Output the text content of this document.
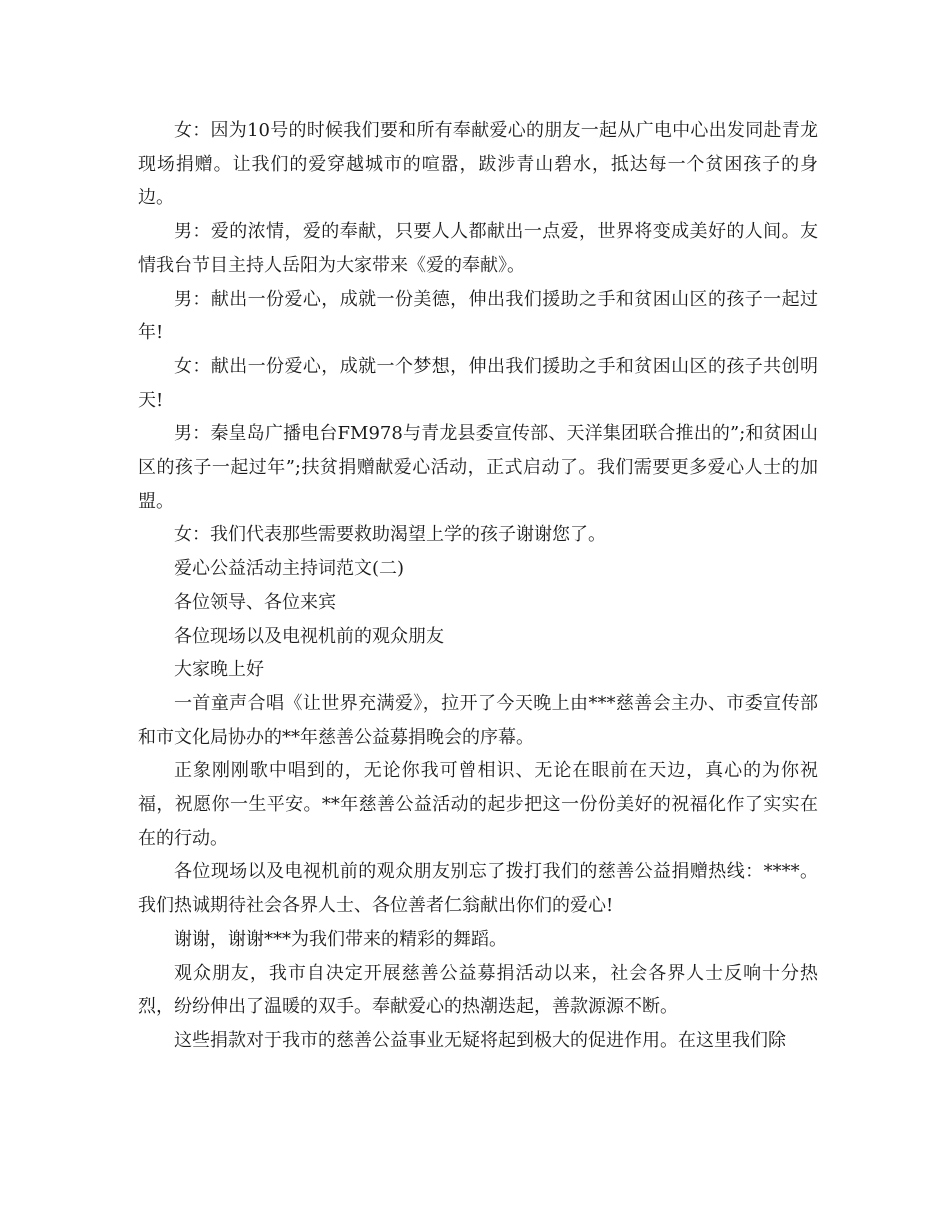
女：因为10号的时候我们要和所有奉献爱心的朋友一起从广电中心出发同赴青龙现场捐赠。让我们的爱穿越城市的喧嚣，跋涉青山碧水，抵达每一个贫困孩子的身边。

男：爱的浓情，爱的奉献，只要人人都献出一点爱，世界将变成美好的人间。友情我台节目主持人岳阳为大家带来《爱的奉献》。

男：献出一份爱心，成就一份美德，伸出我们援助之手和贫困山区的孩子一起过年!

女：献出一份爱心，成就一个梦想，伸出我们援助之手和贫困山区的孩子共创明天!

男：秦皇岛广播电台FM978与青龙县委宣传部、天洋集团联合推出的”;和贫困山区的孩子一起过年”;扶贫捐赠献爱心活动，正式启动了。我们需要更多爱心人士的加盟。

女：我们代表那些需要救助渴望上学的孩子谢谢您了。

爱心公益活动主持词范文(二)

各位领导、各位来宾

各位现场以及电视机前的观众朋友

大家晚上好

一首童声合唱《让世界充满爱》，拉开了今天晚上由***慈善会主办、市委宣传部和市文化局协办的**年慈善公益募捐晚会的序幕。

正象刚刚歌中唱到的，无论你我可曾相识、无论在眼前在天边，真心的为你祝福，祝愿你一生平安。**年慈善公益活动的起步把这一份份美好的祝福化作了实实在在的行动。

各位现场以及电视机前的观众朋友别忘了拨打我们的慈善公益捐赠热线：****。我们热诚期待社会各界人士、各位善者仁翁献出你们的爱心!

谢谢，谢谢***为我们带来的精彩的舞蹈。

观众朋友，我市自决定开展慈善公益募捐活动以来，社会各界人士反响十分热烈，纷纷伸出了温暖的双手。奉献爱心的热潮迭起，善款源源不断。

这些捐款对于我市的慈善公益事业无疑将起到极大的促进作用。在这里我们除
